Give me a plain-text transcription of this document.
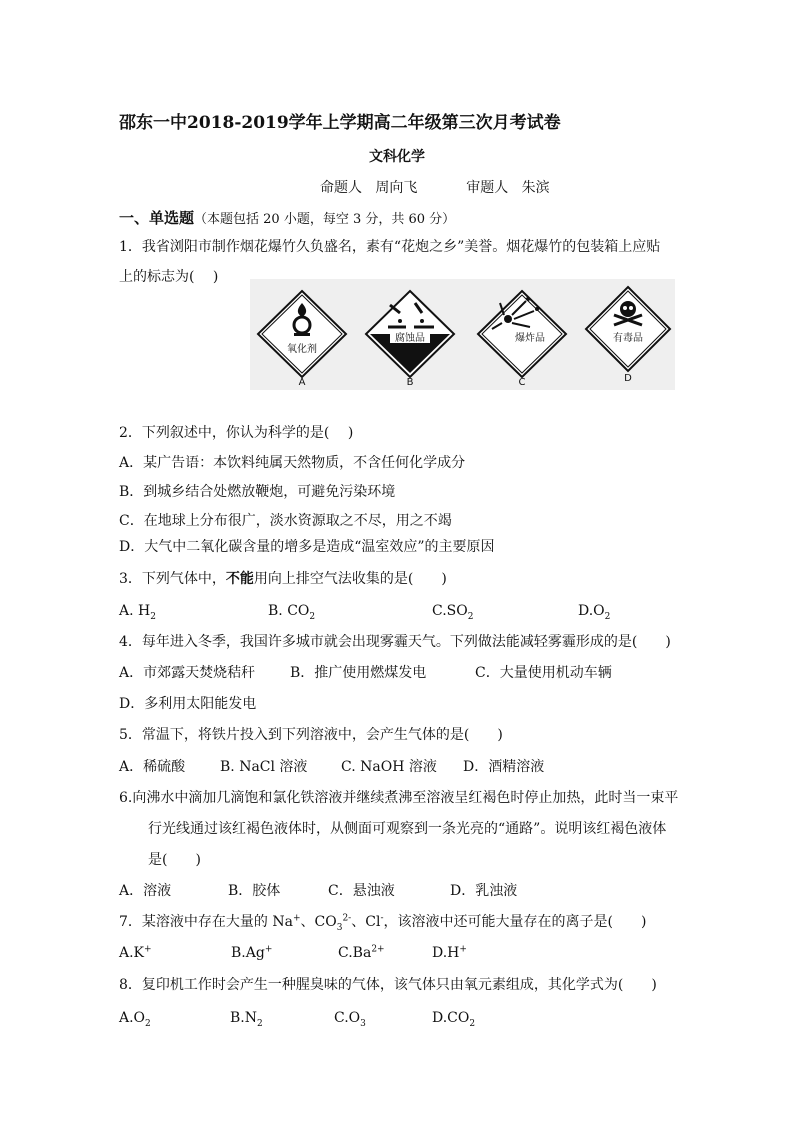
邵东一中2018-2019学年上学期高二年级第三次月考试卷
文科化学
命题人 周向飞	审题人 朱滨
一、单选题（本题包括 20 小题，每空 3 分，共 60 分）
1．我省浏阳市制作烟花爆竹久负盛名，素有“花炮之乡”美誉。烟花爆竹的包装箱上应贴
上的标志为(　 )
氧化剂
A
腐蚀品
B
爆炸品
C
有毒品
D
2．下列叙述中，你认为科学的是(　 )
A．某广告语：本饮料纯属天然物质，不含任何化学成分
B．到城乡结合处燃放鞭炮，可避免污染环境
C．在地球上分布很广，淡水资源取之不尽，用之不竭
D．大气中二氧化碳含量的增多是造成“温室效应”的主要原因
3．下列气体中，不能用向上排空气法收集的是(　　)
A. $H_2$	B. $CO_2$	$C.SO_2$	$D.O_2$
4．每年进入冬季，我国许多城市就会出现雾霾天气。下列做法能减轻雾霾形成的是(　　)
A．市郊露天焚烧秸秆 B．推广使用燃煤发电	C．大量使用机动车辆
D．多利用太阳能发电
5．常温下，将铁片投入到下列溶液中，会产生气体的是(　　)
A．稀硫酸 B. NaCl 溶液 C. NaOH 溶液 D．酒精溶液
6.向沸水中滴加几滴饱和氯化铁溶液并继续煮沸至溶液呈红褐色时停止加热，此时当一束平
行光线通过该红褐色液体时，从侧面可观察到一条光亮的“通路”。说明该红褐色液体
是(　　)
A．溶液	B．胶体	C．悬浊液	D．乳浊液
7．某溶液中存在大量的 Na+、$CO_3^{2-}$、Cl-，该溶液中还可能大量存在的离子是(　　)
A.K+	B.Ag+	$C.Ba^{2+}$	D.H+
8．复印机工作时会产生一种腥臭味的气体，该气体只由氧元素组成，其化学式为(　　)
$A.O_2$	$B.N_2$	$C.O_3$	$D.CO_2$
